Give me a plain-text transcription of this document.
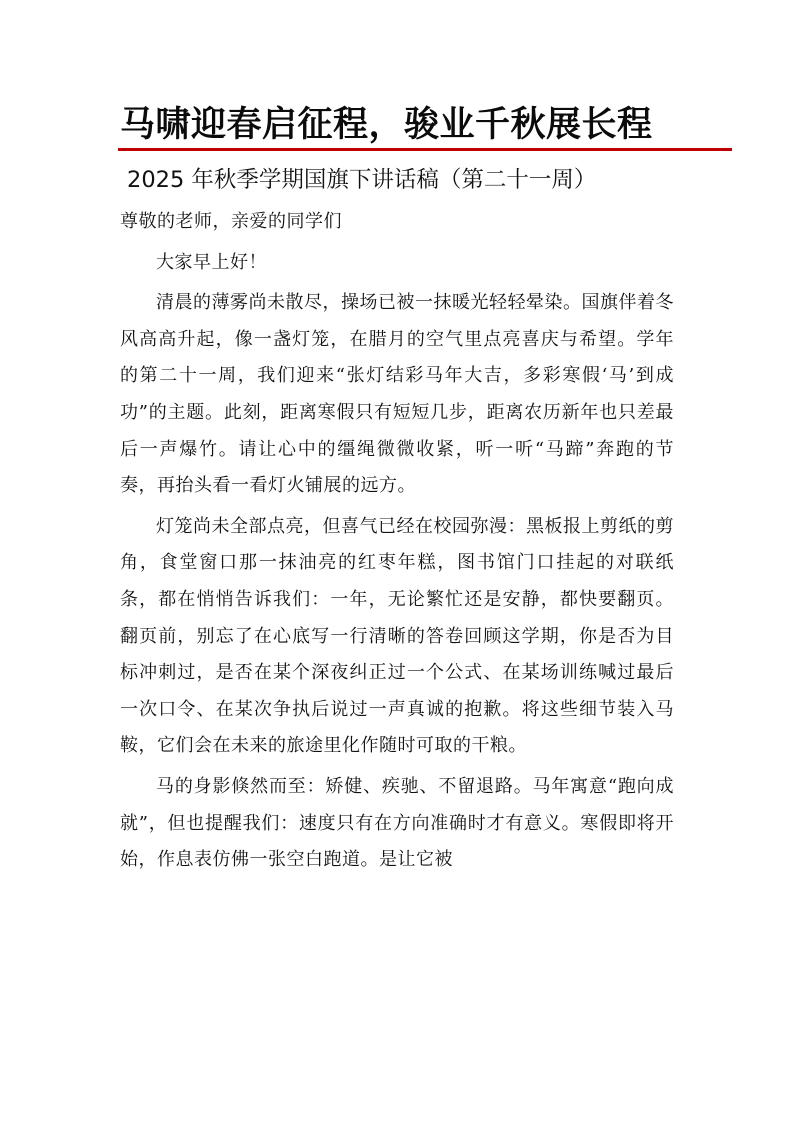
马啸迎春启征程，骏业千秋展长程
2025 年秋季学期国旗下讲话稿（第二十一周）

尊敬的老师，亲爱的同学们

大家早上好！

清晨的薄雾尚未散尽，操场已被一抹暖光轻轻晕染。国旗伴着冬风高高升起，像一盏灯笼，在腊月的空气里点亮喜庆与希望。学年的第二十一周，我们迎来“张灯结彩马年大吉，多彩寒假‘马’到成功”的主题。此刻，距离寒假只有短短几步，距离农历新年也只差最后一声爆竹。请让心中的缰绳微微收紧，听一听“马蹄”奔跑的节奏，再抬头看一看灯火铺展的远方。

灯笼尚未全部点亮，但喜气已经在校园弥漫：黑板报上剪纸的剪角，食堂窗口那一抹油亮的红枣年糕，图书馆门口挂起的对联纸条，都在悄悄告诉我们：一年，无论繁忙还是安静，都快要翻页。翻页前，别忘了在心底写一行清晰的答卷回顾这学期，你是否为目标冲刺过，是否在某个深夜纠正过一个公式、在某场训练喊过最后一次口令、在某次争执后说过一声真诚的抱歉。将这些细节装入马鞍，它们会在未来的旅途里化作随时可取的干粮。

马的身影倏然而至：矫健、疾驰、不留退路。马年寓意“跑向成就”，但也提醒我们：速度只有在方向准确时才有意义。寒假即将开始，作息表仿佛一张空白跑道。是让它被
